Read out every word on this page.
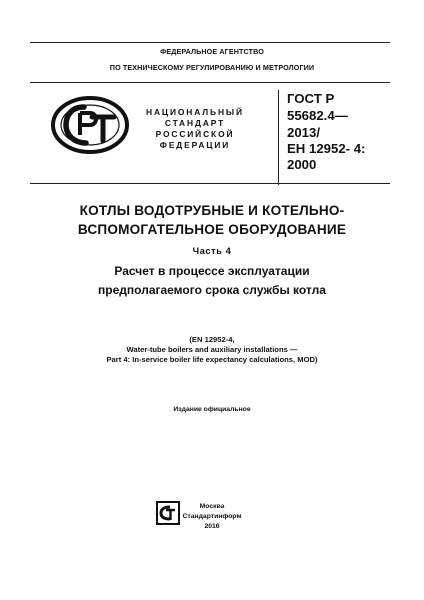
ФЕДЕРАЛЬНОЕ АГЕНТСТВО
ПО ТЕХНИЧЕСКОМУ РЕГУЛИРОВАНИЮ И МЕТРОЛОГИИ
НАЦИОНАЛЬНЫЙ
СТАНДАРТ
РОССИЙСКОЙ
ФЕДЕРАЦИИ
ГОСТ Р
55682.4—
2013/
ЕН 12952- 4:
2000
КОТЛЫ ВОДОТРУБНЫЕ И КОТЕЛЬНО-
ВСПОМОГАТЕЛЬНОЕ ОБОРУДОВАНИЕ
Часть 4
Расчет в процессе эксплуатации
предполагаемого срока службы котла
(EN 12952-4,
Water-tube boilers and auxiliary installations —
Part 4: In-service boiler life expectancy calculations, MOD)
Издание официальное
Москва
Стандартинформ
2016
